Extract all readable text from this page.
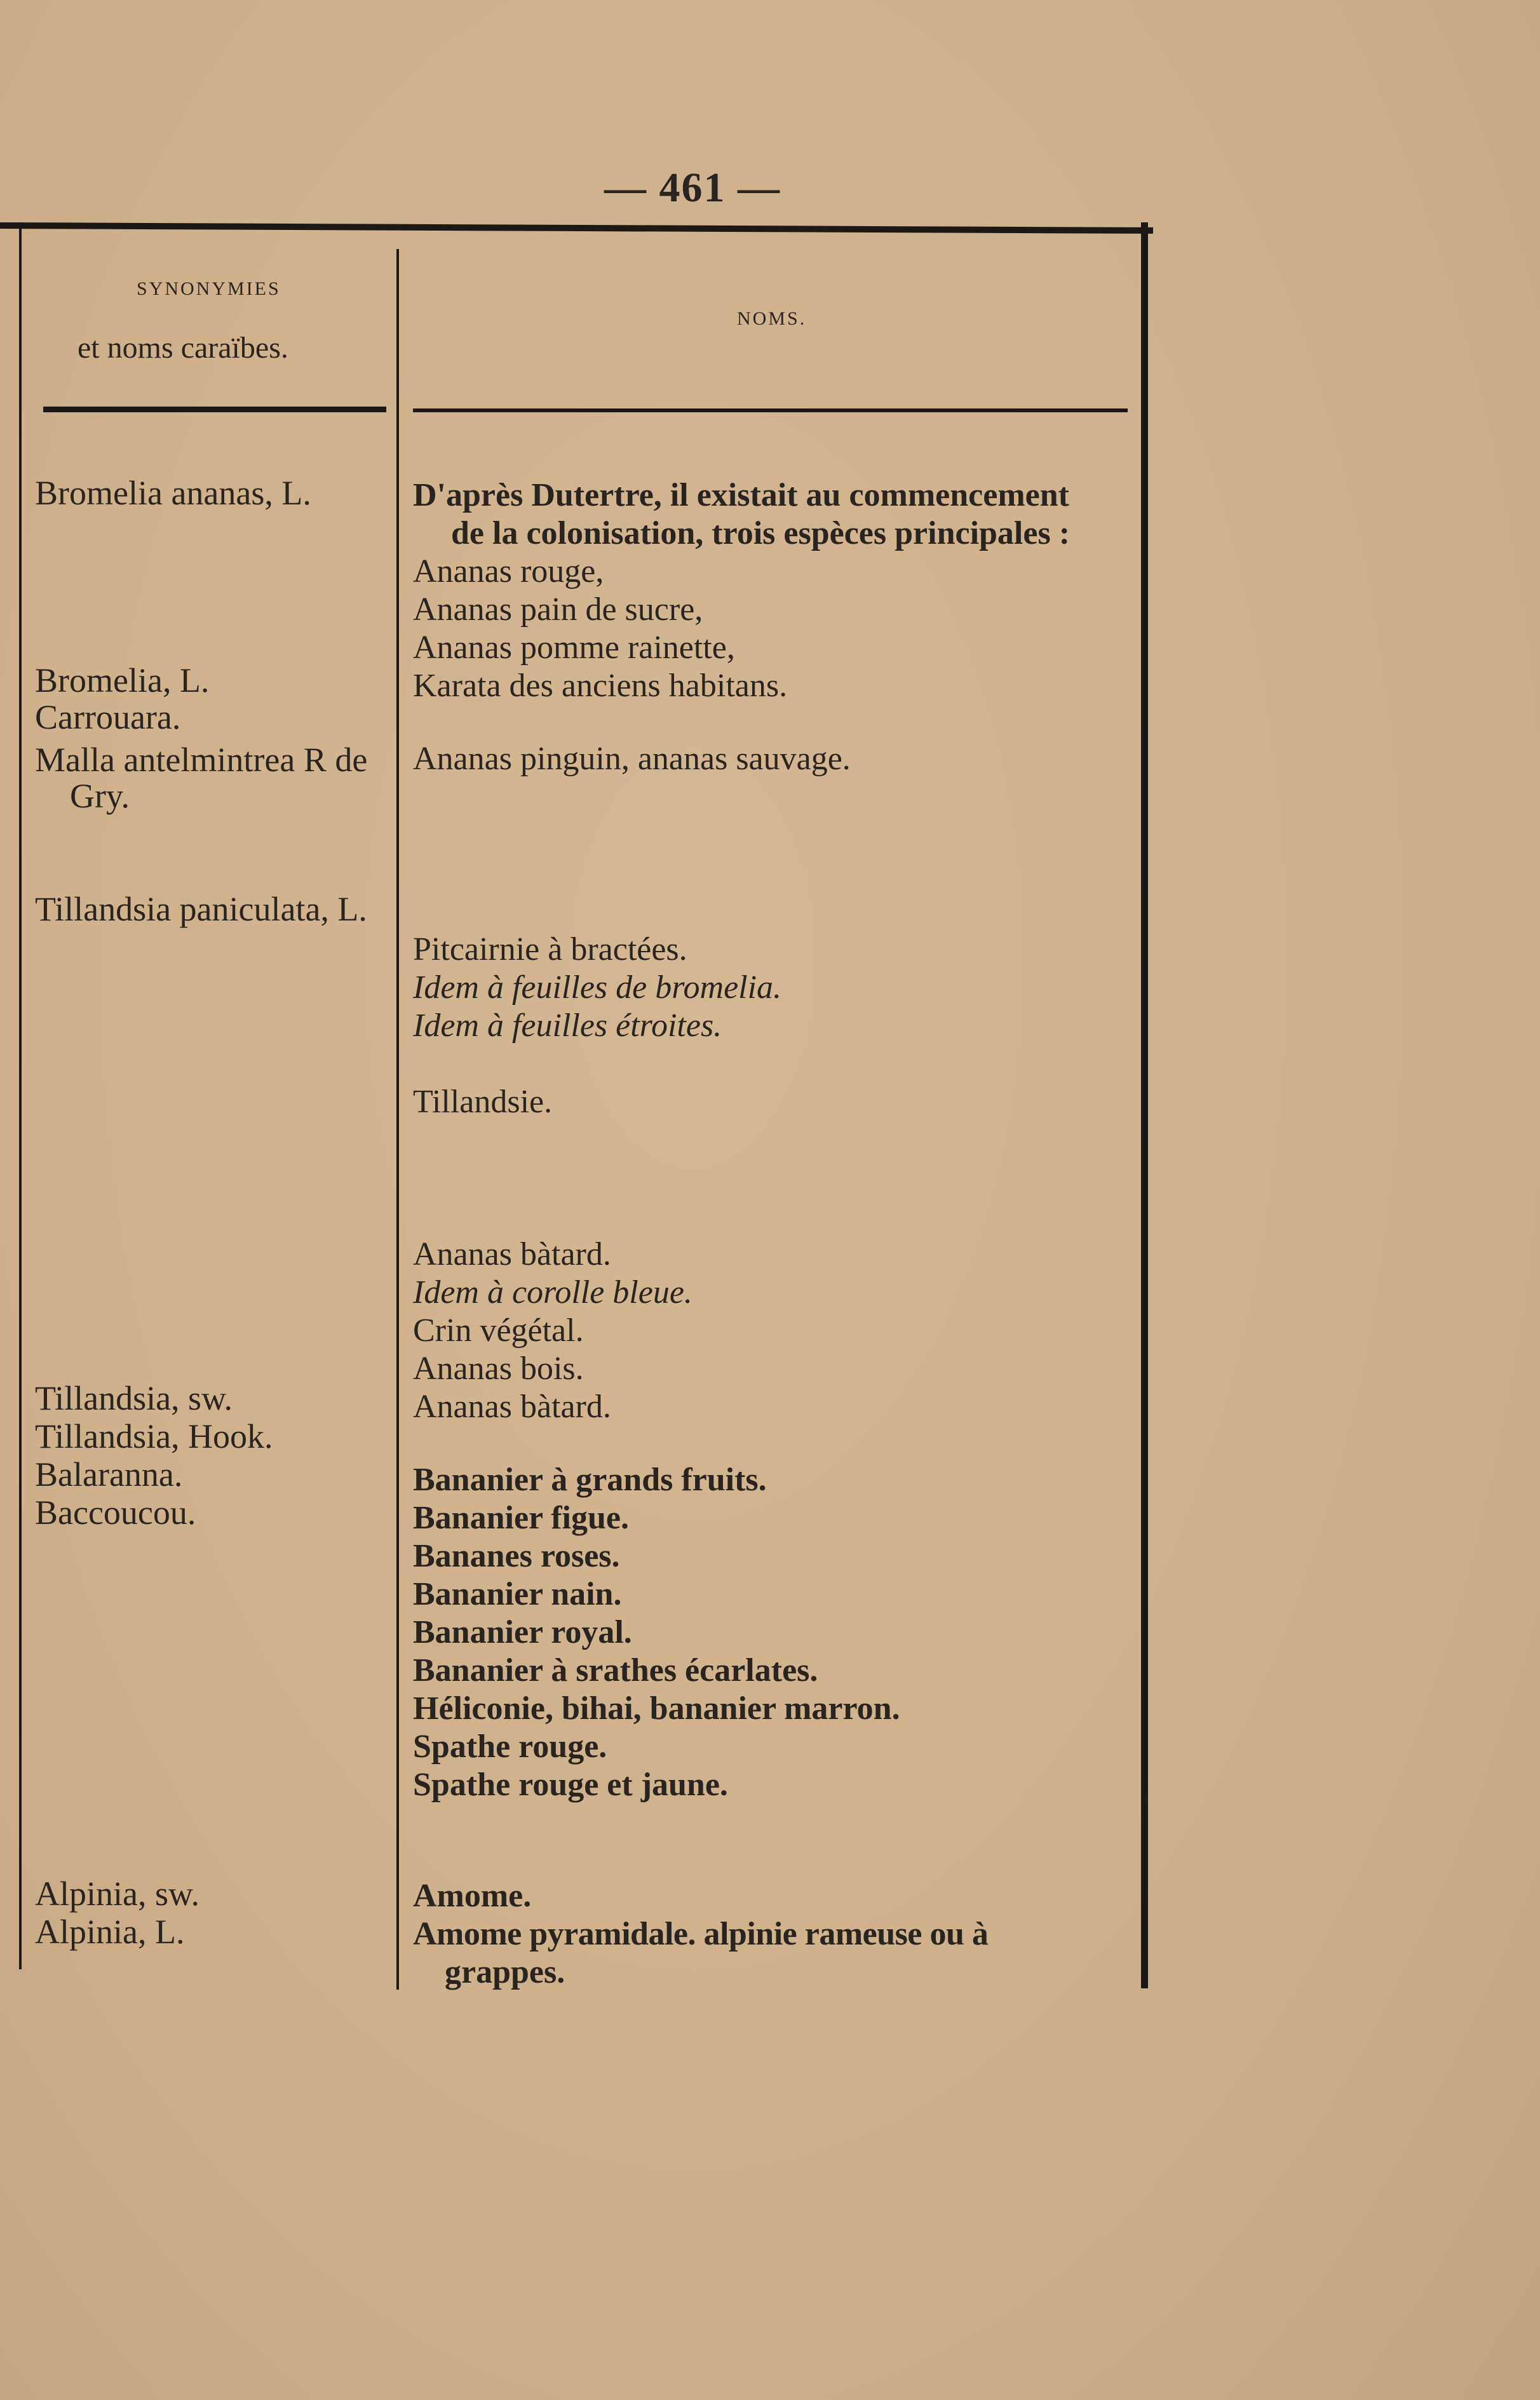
— 461 —
SYNONYMIES
et noms caraïbes.
NOMS.
Bromelia ananas, L.
Bromelia, L.
Carrouara.
Malla antelmintrea R de
Gry.
Tillandsia paniculata, L.
Tillandsia, sw.
Tillandsia, Hook.
Balaranna.
Baccoucou.
Alpinia, sw.
Alpinia, L.
D'après Dutertre, il existait au commencement
de la colonisation, trois espèces principales :
Ananas rouge,
Ananas pain de sucre,
Ananas pomme rainette,
Karata des anciens habitans.
Ananas pinguin, ananas sauvage.
Pitcairnie à bractées.
Idem à feuilles de bromelia.
Idem à feuilles étroites.
Tillandsie.
Ananas bàtard.
Idem à corolle bleue.
Crin végétal.
Ananas bois.
Ananas bàtard.
Bananier à grands fruits.
Bananier figue.
Bananes roses.
Bananier nain.
Bananier royal.
Bananier à srathes écarlates.
Héliconie, bihai, bananier marron.
Spathe rouge.
Spathe rouge et jaune.
Amome.
Amome pyramidale. alpinie rameuse ou à
grappes.
